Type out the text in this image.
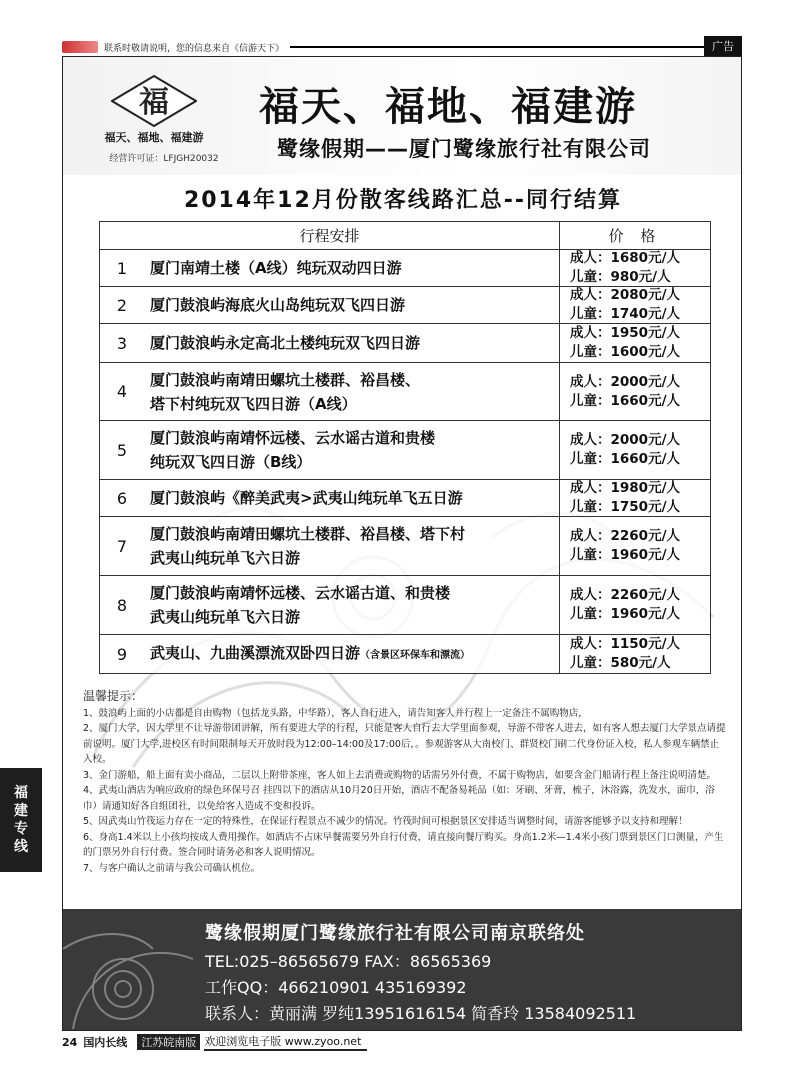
联系时敬请说明，您的信息来自《信游天下》	广告
福
福天、福地、福建游
经营许可证：LFJGH20032
福天、福地、福建游
鹭缘假期——厦门鹭缘旅行社有限公司
2014年12月份散客线路汇总--同行结算
行程安排	价 格
1	厦门南靖土楼（A线）纯玩双动四日游
成人：1680元/人
儿童：980元/人
2	厦门鼓浪屿海底火山岛纯玩双飞四日游
成人：2080元/人
儿童：1740元/人
3	厦门鼓浪屿永定高北土楼纯玩双飞四日游
成人：1950元/人
儿童：1600元/人
4
厦门鼓浪屿南靖田螺坑土楼群、裕昌楼、
塔下村纯玩双飞四日游（A线）
成人：2000元/人
儿童：1660元/人
5
厦门鼓浪屿南靖怀远楼、云水谣古道和贵楼
纯玩双飞四日游（B线）
成人：2000元/人
儿童：1660元/人
6	厦门鼓浪屿《醉美武夷>武夷山纯玩单飞五日游
成人：1980元/人
儿童：1750元/人
7
厦门鼓浪屿南靖田螺坑土楼群、裕昌楼、塔下村
武夷山纯玩单飞六日游
成人：2260元/人
儿童：1960元/人
8
厦门鼓浪屿南靖怀远楼、云水谣古道、和贵楼
武夷山纯玩单飞六日游
成人：2260元/人
儿童：1960元/人
9	武夷山、九曲溪漂流双卧四日游（含景区环保车和漂流）
成人：1150元/人
儿童：580元/人
温馨提示：

1、鼓浪屿上面的小店都是自由购物（包括龙头路，中华路），客人自行进入，请告知客人并行程上一定备注不属购物店，

2、厦门大学，因大学里不让导游带团讲解，所有要进大学的行程，只能是客人自行去大学里面参观，导游不带客人进去，如有客人想去厦门大学景点请提前说明。厦门大学,进校区有时间限制每天开放时段为12:00–14:00及17:00后，。参观游客从大南校门、群贤校门刷二代身份证入校，私人参观车辆禁止入校。

3、金门游船，船上面有卖小商品，二层以上附带茶座，客人如上去消费或购物的话需另外付费，不属于购物店，如要含金门船请行程上备注说明清楚。

4、武夷山酒店为响应政府的绿色环保号召 挂四以下的酒店从10月20日开始，酒店不配备易耗品（如：牙刷、牙膏，梳子，沐浴露，洗发水，面巾，浴巾）请通知好各自组团社，以免给客人造成不变和投诉。

5、因武夷山竹筏运力存在一定的特殊性，在保证行程景点不减少的情况。竹筏时间可根据景区安排适当调整时间，请游客能够予以支持和理解！

6、身高1.4米以上小孩均按成人费用操作。如酒店不占床早餐需要另外自行付费，请直接向餐厅购买。身高1.2米—1.4米小孩门票到景区门口测量，产生的门票另外自行付费。签合同时请务必和客人说明情况。

7、与客户确认之前请与我公司确认机位。

鹭缘假期厦门鹭缘旅行社有限公司南京联络处
TEL:025–86565679 FAX：86565369
工作QQ：466210901 435169392
联系人：黄丽满 罗纯13951616154 简香玲 13584092511
福
建
专
线
24 国内长线	江苏皖南版 欢迎浏览电子版 www.zyoo.net
